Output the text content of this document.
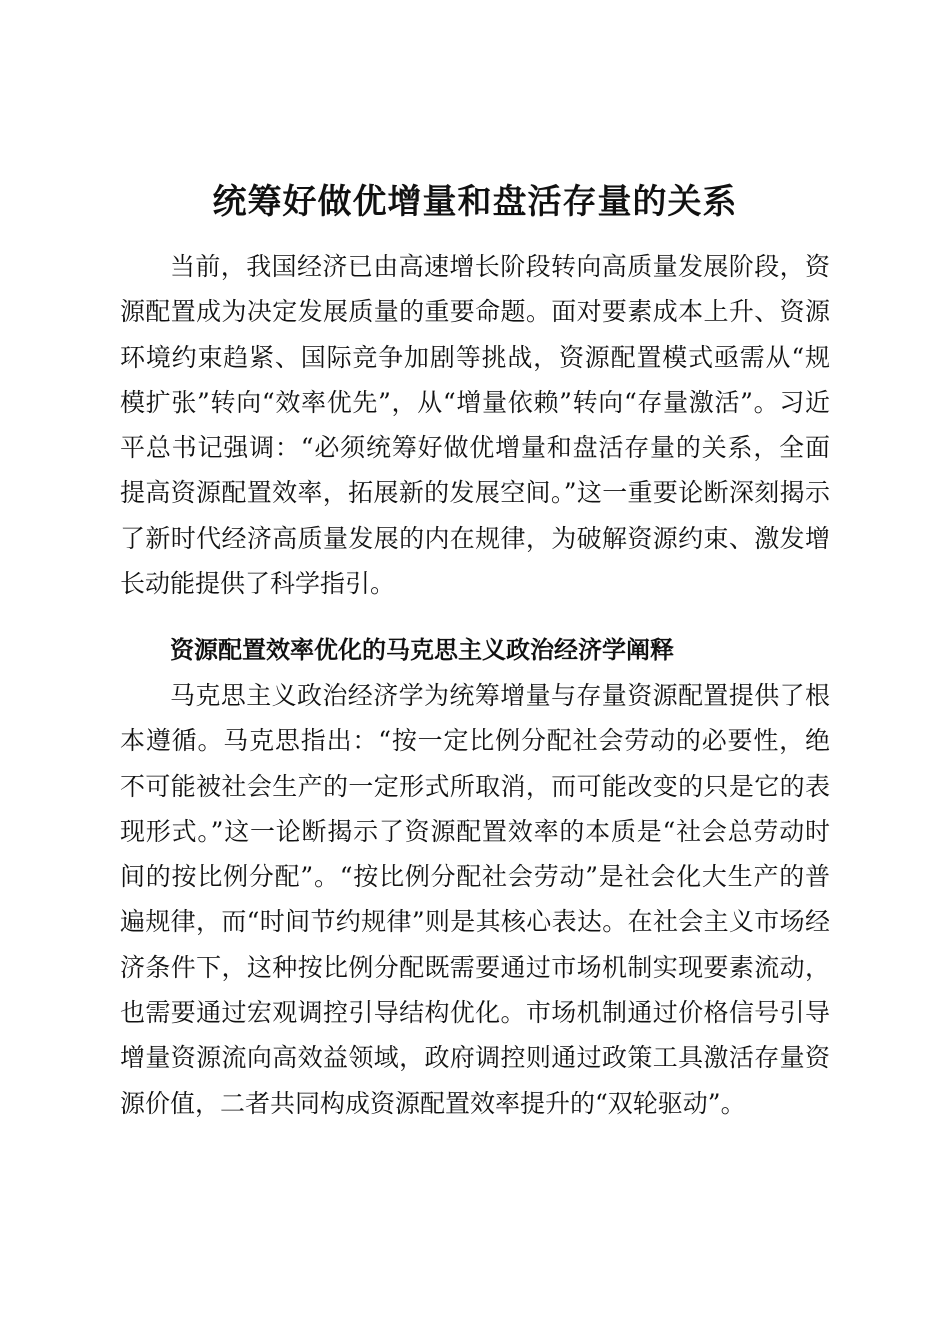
统筹好做优增量和盘活存量的关系

当前，我国经济已由高速增长阶段转向高质量发展阶段，资源配置成为决定发展质量的重要命题。面对要素成本上升、资源环境约束趋紧、国际竞争加剧等挑战，资源配置模式亟需从“规模扩张”转向“效率优先”，从“增量依赖”转向“存量激活”。习近平总书记强调：“必须统筹好做优增量和盘活存量的关系，全面提高资源配置效率，拓展新的发展空间。”这一重要论断深刻揭示了新时代经济高质量发展的内在规律，为破解资源约束、激发增长动能提供了科学指引。

资源配置效率优化的马克思主义政治经济学阐释

马克思主义政治经济学为统筹增量与存量资源配置提供了根本遵循。马克思指出：“按一定比例分配社会劳动的必要性，绝不可能被社会生产的一定形式所取消，而可能改变的只是它的表现形式。”这一论断揭示了资源配置效率的本质是“社会总劳动时间的按比例分配”。“按比例分配社会劳动”是社会化大生产的普遍规律，而“时间节约规律”则是其核心表达。在社会主义市场经济条件下，这种按比例分配既需要通过市场机制实现要素流动，也需要通过宏观调控引导结构优化。市场机制通过价格信号引导增量资源流向高效益领域，政府调控则通过政策工具激活存量资源价值，二者共同构成资源配置效率提升的“双轮驱动”。
